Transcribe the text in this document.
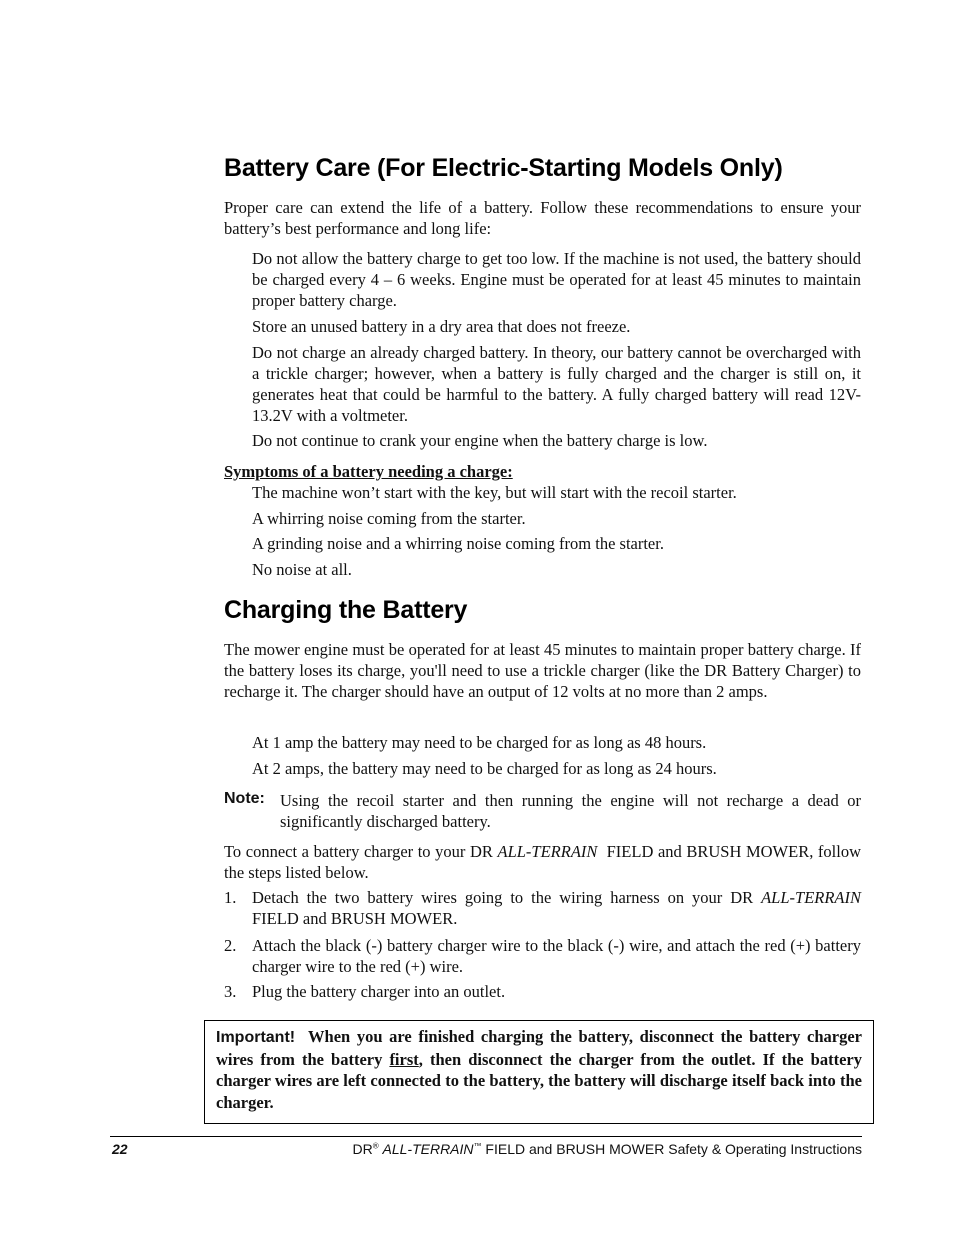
Battery Care (For Electric-Starting Models Only)

Proper care can extend the life of a battery. Follow these recommendations to ensure your battery’s best performance and long life:

Do not allow the battery charge to get too low. If the machine is not used, the battery should be charged every 4 – 6 weeks. Engine must be operated for at least 45 minutes to maintain proper battery charge.

Store an unused battery in a dry area that does not freeze.

Do not charge an already charged battery. In theory, our battery cannot be overcharged with a trickle charger; however, when a battery is fully charged and the charger is still on, it generates heat that could be harmful to the battery. A fully charged battery will read 12V-13.2V with a voltmeter.

Do not continue to crank your engine when the battery charge is low.

Symptoms of a battery needing a charge:

The machine won’t start with the key, but will start with the recoil starter.

A whirring noise coming from the starter.

A grinding noise and a whirring noise coming from the starter.

No noise at all.

Charging the Battery

The mower engine must be operated for at least 45 minutes to maintain proper battery charge. If the battery loses its charge, you'll need to use a trickle charger (like the DR Battery Charger) to recharge it. The charger should have an output of 12 volts at no more than 2 amps.

At 1 amp the battery may need to be charged for as long as 48 hours.

At 2 amps, the battery may need to be charged for as long as 24 hours.

Note: Using the recoil starter and then running the engine will not recharge a dead or significantly discharged battery.

To connect a battery charger to your DR ALL-TERRAIN FIELD and BRUSH MOWER, follow the steps listed below.

1. Detach the two battery wires going to the wiring harness on your DR ALL-TERRAIN FIELD and BRUSH MOWER.

2. Attach the black (-) battery charger wire to the black (-) wire, and attach the red (+) battery charger wire to the red (+) wire.

3. Plug the battery charger into an outlet.

Important! When you are finished charging the battery, disconnect the battery charger wires from the battery first, then disconnect the charger from the outlet. If the battery charger wires are left connected to the battery, the battery will discharge itself back into the charger.

22	DR® ALL-TERRAIN™ FIELD and BRUSH MOWER Safety & Operating Instructions
